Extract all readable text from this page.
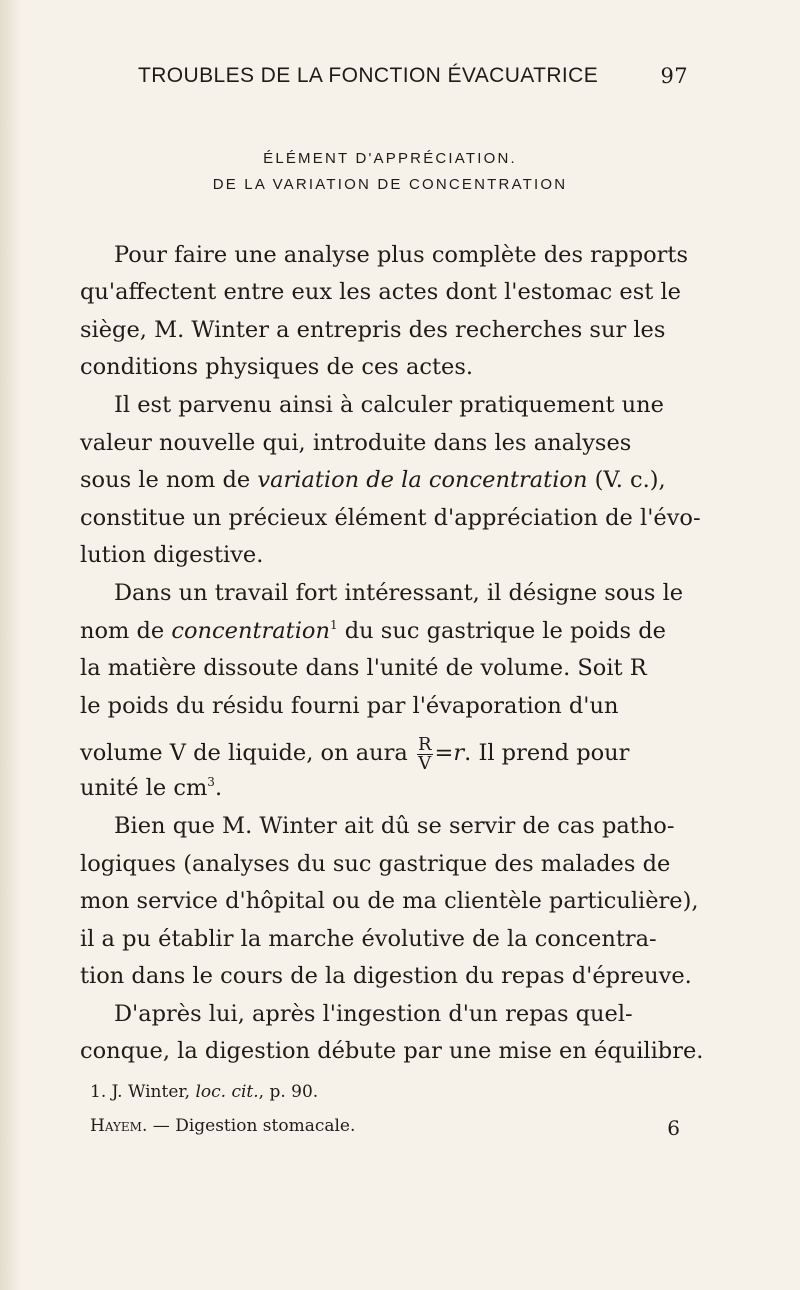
TROUBLES DE LA FONCTION ÉVACUATRICE	97
ÉLÉMENT D'APPRÉCIATION.
DE LA VARIATION DE CONCENTRATION
Pour faire une analyse plus complète des rapports
qu'affectent entre eux les actes dont l'estomac est le
siège, M. Winter a entrepris des recherches sur les
conditions physiques de ces actes.
Il est parvenu ainsi à calculer pratiquement une
valeur nouvelle qui, introduite dans les analyses
sous le nom de variation de la concentration (V. c.),
constitue un précieux élément d'appréciation de l'évo-
lution digestive.
Dans un travail fort intéressant, il désigne sous le
nom de concentration$^1$ du suc gastrique le poids de
la matière dissoute dans l'unité de volume. Soit R
le poids du résidu fourni par l'évaporation d'un
volume V de liquide, on aura $\frac{R}{V} =r$. Il prend pour
unité le $cm^3$.
Bien que M. Winter ait dû se servir de cas patho-
logiques (analyses du suc gastrique des malades de
mon service d'hôpital ou de ma clientèle particulière),
il a pu établir la marche évolutive de la concentra-
tion dans le cours de la digestion du repas d'épreuve.
D'après lui, après l'ingestion d'un repas quel-
conque, la digestion débute par une mise en équilibre.
1. J. Winter, loc. cit., p. 90.
Hayem. — Digestion stomacale.	6
